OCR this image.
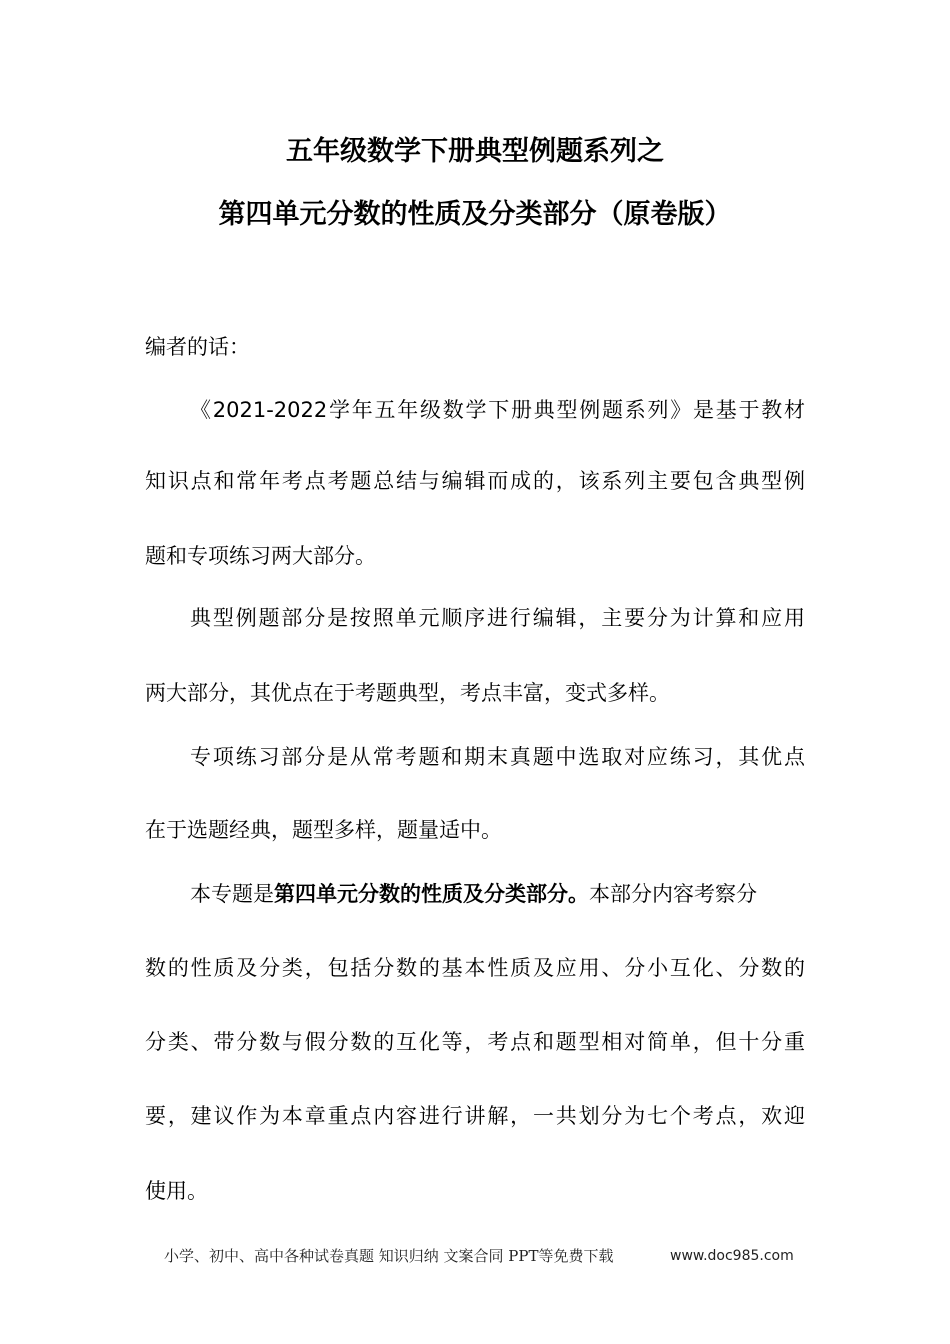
五年级数学下册典型例题系列之
第四单元分数的性质及分类部分（原卷版）
编者的话：
《2021-2022学年五年级数学下册典型例题系列》是基于教材
知识点和常年考点考题总结与编辑而成的，该系列主要包含典型例
题和专项练习两大部分。
典型例题部分是按照单元顺序进行编辑，主要分为计算和应用
两大部分，其优点在于考题典型，考点丰富，变式多样。
专项练习部分是从常考题和期末真题中选取对应练习，其优点
在于选题经典，题型多样，题量适中。
本专题是第四单元分数的性质及分类部分。本部分内容考察分
数的性质及分类，包括分数的基本性质及应用、分小互化、分数的
分类、带分数与假分数的互化等，考点和题型相对简单，但十分重
要，建议作为本章重点内容进行讲解，一共划分为七个考点，欢迎
使用。
小学、初中、高中各种试卷真题 知识归纳 文案合同 PPT等免费下载	www.doc985.com
